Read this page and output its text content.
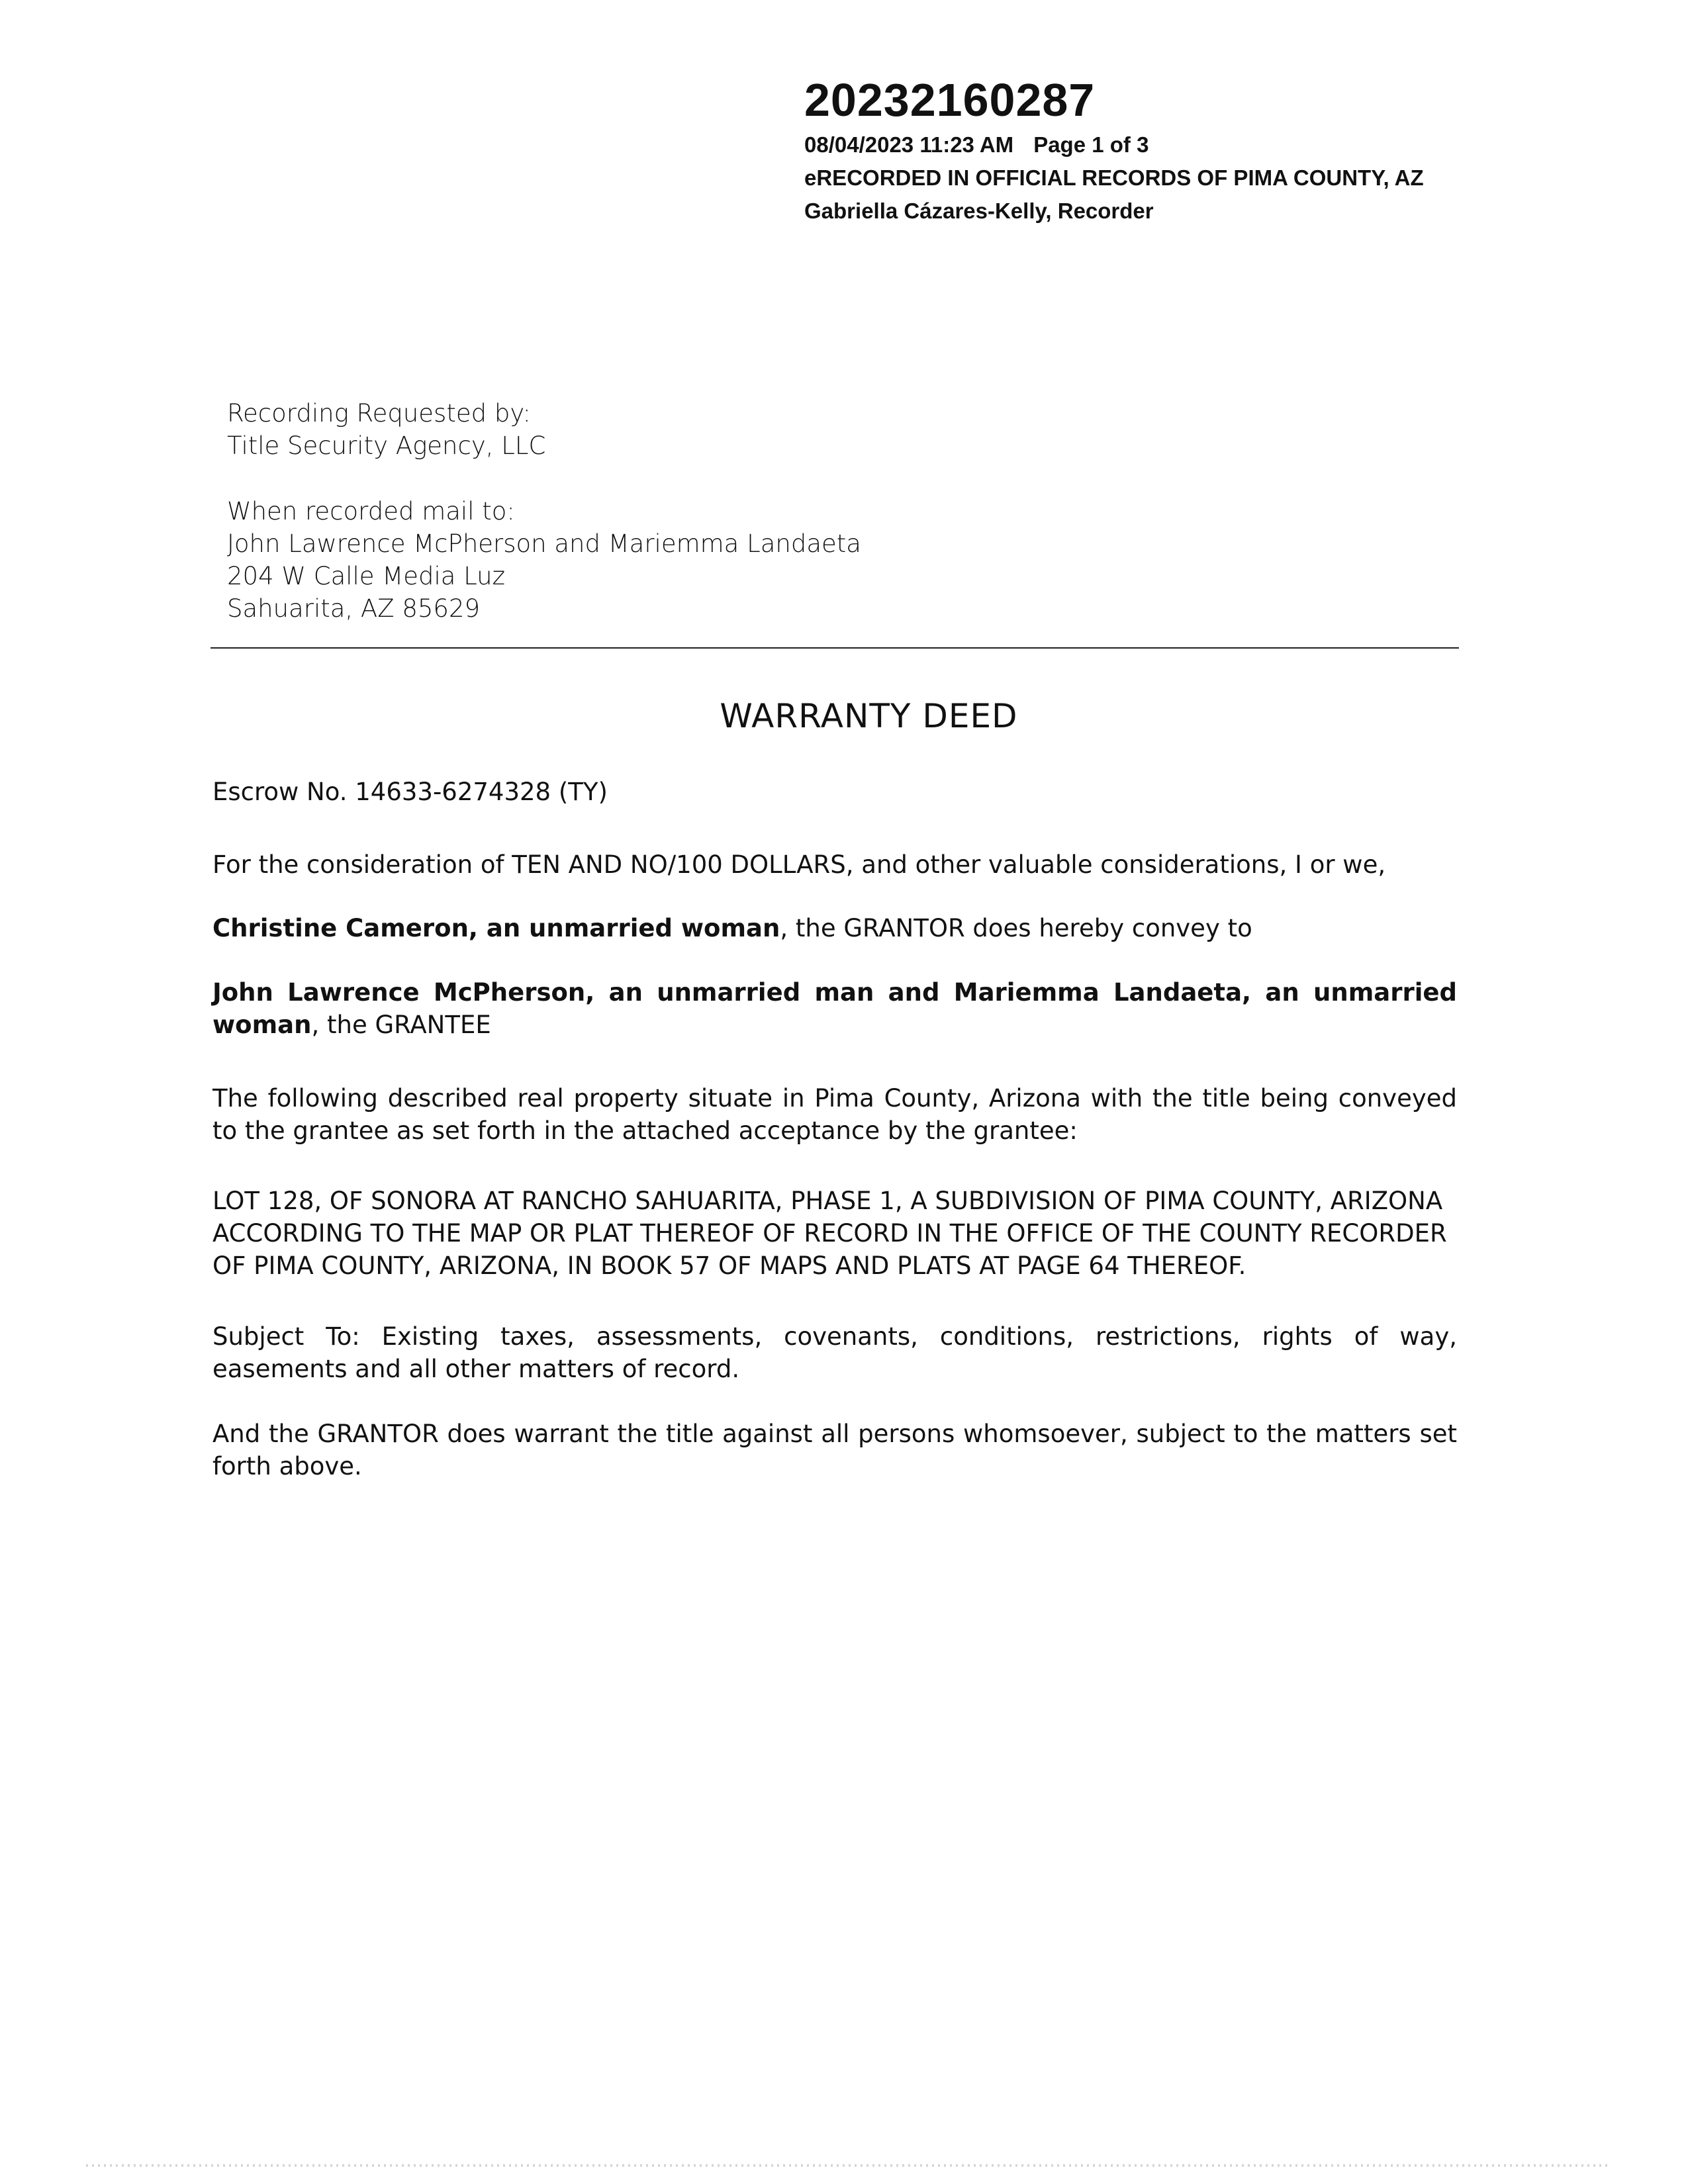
20232160287
08/04/2023 11:23 AM Page 1 of 3
eRECORDED IN OFFICIAL RECORDS OF PIMA COUNTY, AZ
Gabriella Cázares-Kelly, Recorder
Recording Requested by:
Title Security Agency, LLC
When recorded mail to:
John Lawrence McPherson and Mariemma Landaeta
204 W Calle Media Luz
Sahuarita, AZ 85629
WARRANTY DEED
Escrow No. 14633-6274328 (TY)
For the consideration of TEN AND NO/100 DOLLARS, and other valuable considerations, I or we,
Christine Cameron, an unmarried woman, the GRANTOR does hereby convey to
John Lawrence McPherson, an unmarried man and Mariemma Landaeta, an unmarried woman, the GRANTEE
The following described real property situate in Pima County, Arizona with the title being conveyed to the grantee as set forth in the attached acceptance by the grantee:
LOT 128, OF SONORA AT RANCHO SAHUARITA, PHASE 1, A SUBDIVISION OF PIMA COUNTY, ARIZONA ACCORDING TO THE MAP OR PLAT THEREOF OF RECORD IN THE OFFICE OF THE COUNTY RECORDER OF PIMA COUNTY, ARIZONA, IN BOOK 57 OF MAPS AND PLATS AT PAGE 64 THEREOF.
Subject To: Existing taxes, assessments, covenants, conditions, restrictions, rights of way, easements and all other matters of record.
And the GRANTOR does warrant the title against all persons whomsoever, subject to the matters set forth above.
